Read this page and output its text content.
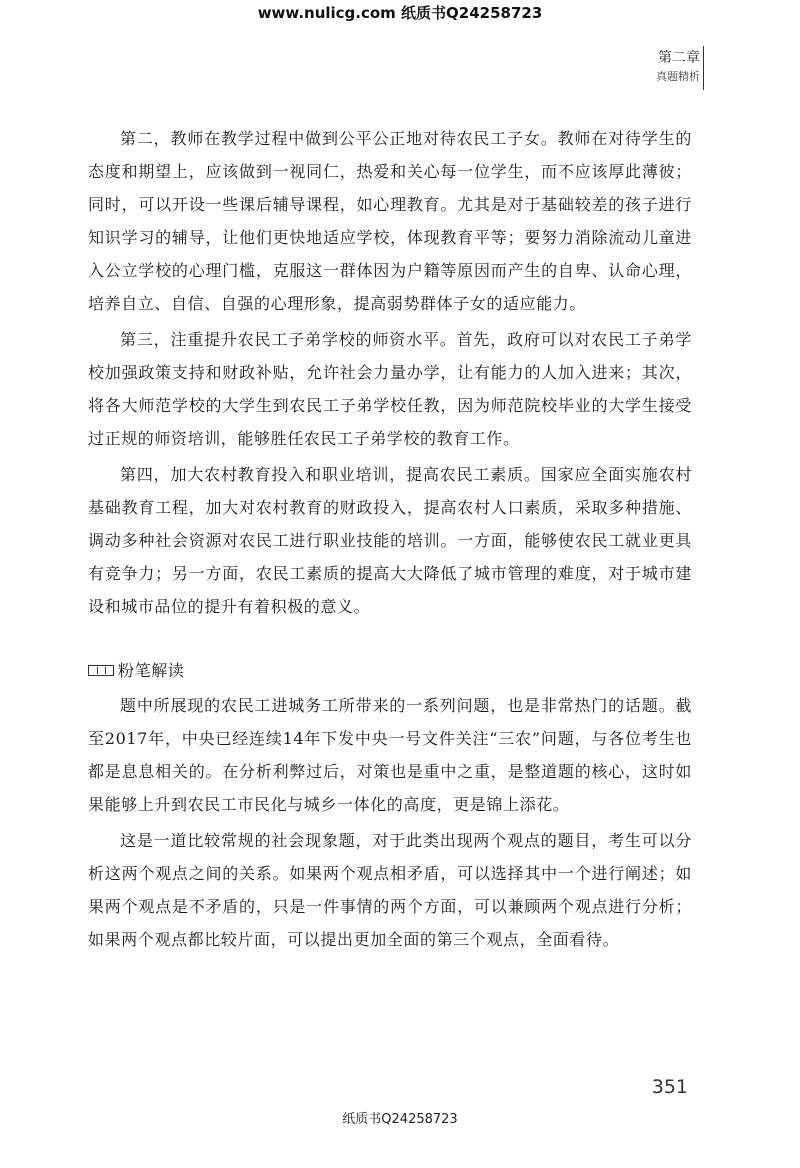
www.nulicg.com 纸质书Q24258723
第二章
真题精析

第二，教师在教学过程中做到公平公正地对待农民工子女。教师在对待学生的态度和期望上，应该做到一视同仁，热爱和关心每一位学生，而不应该厚此薄彼；同时，可以开设一些课后辅导课程，如心理教育。尤其是对于基础较差的孩子进行知识学习的辅导，让他们更快地适应学校，体现教育平等；要努力消除流动儿童进入公立学校的心理门槛，克服这一群体因为户籍等原因而产生的自卑、认命心理，培养自立、自信、自强的心理形象，提高弱势群体子女的适应能力。

第三，注重提升农民工子弟学校的师资水平。首先，政府可以对农民工子弟学校加强政策支持和财政补贴，允许社会力量办学，让有能力的人加入进来；其次，将各大师范学校的大学生到农民工子弟学校任教，因为师范院校毕业的大学生接受过正规的师资培训，能够胜任农民工子弟学校的教育工作。

第四，加大农村教育投入和职业培训，提高农民工素质。国家应全面实施农村基础教育工程，加大对农村教育的财政投入，提高农村人口素质，采取多种措施、调动多种社会资源对农民工进行职业技能的培训。一方面，能够使农民工就业更具有竞争力；另一方面，农民工素质的提高大大降低了城市管理的难度，对于城市建设和城市品位的提升有着积极的意义。

粉笔解读

题中所展现的农民工进城务工所带来的一系列问题，也是非常热门的话题。截至2017年，中央已经连续14年下发中央一号文件关注“三农”问题，与各位考生也都是息息相关的。在分析利弊过后，对策也是重中之重，是整道题的核心，这时如果能够上升到农民工市民化与城乡一体化的高度，更是锦上添花。

这是一道比较常规的社会现象题，对于此类出现两个观点的题目，考生可以分析这两个观点之间的关系。如果两个观点相矛盾，可以选择其中一个进行阐述；如果两个观点是不矛盾的，只是一件事情的两个方面，可以兼顾两个观点进行分析；如果两个观点都比较片面，可以提出更加全面的第三个观点，全面看待。

351
纸质书Q24258723
